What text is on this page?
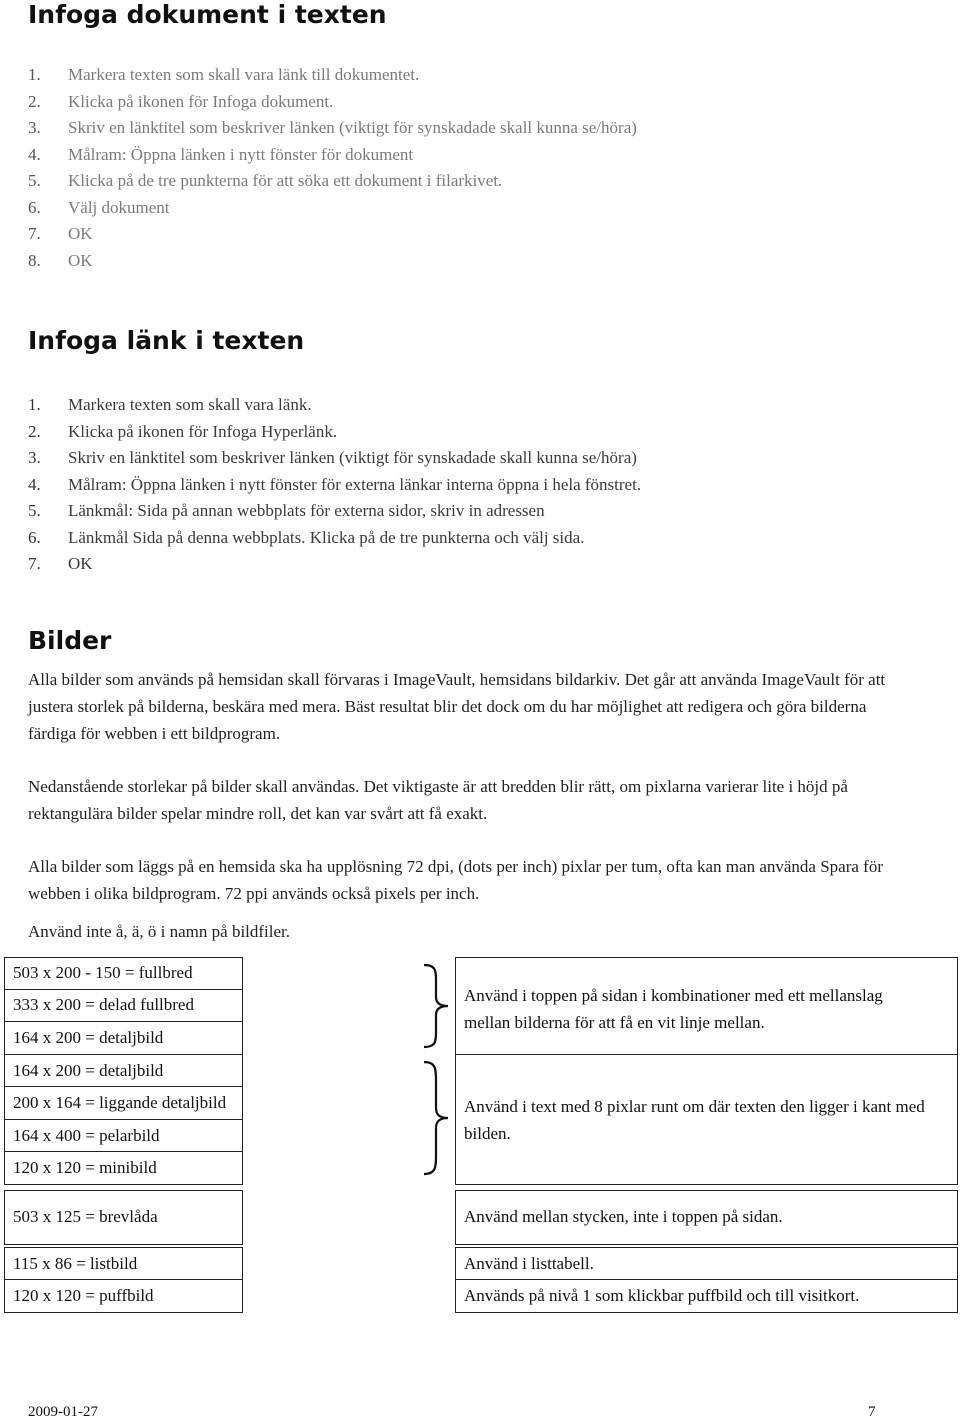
Infoga dokument i texten
1. Markera texten som skall vara länk till dokumentet.
2. Klicka på ikonen för Infoga dokument.
3. Skriv en länktitel som beskriver länken (viktigt för synskadade skall kunna se/höra)
4. Målram: Öppna länken i nytt fönster för dokument
5. Klicka på de tre punkterna för att söka ett dokument i filarkivet.
6. Välj dokument
7. OK
8. OK
Infoga länk i texten
1. Markera texten som skall vara länk.
2. Klicka på ikonen för Infoga Hyperlänk.
3. Skriv en länktitel som beskriver länken (viktigt för synskadade skall kunna se/höra)
4. Målram: Öppna länken i nytt fönster för externa länkar interna öppna i hela fönstret.
5. Länkmål: Sida på annan webbplats för externa sidor, skriv in adressen
6. Länkmål Sida på denna webbplats. Klicka på de tre punkterna och välj sida.
7. OK
Bilder

Alla bilder som används på hemsidan skall förvaras i ImageVault, hemsidans bildarkiv. Det går att använda ImageVault för att justera storlek på bilderna, beskära med mera. Bäst resultat blir det dock om du har möjlighet att redigera och göra bilderna färdiga för webben i ett bildprogram.

Nedanstående storlekar på bilder skall användas. Det viktigaste är att bredden blir rätt, om pixlarna varierar lite i höjd på rektangulära bilder spelar mindre roll, det kan var svårt att få exakt.

Alla bilder som läggs på en hemsida ska ha upplösning 72 dpi, (dots per inch) pixlar per tum, ofta kan man använda Spara för webben i olika bildprogram. 72 ppi används också pixels per inch.

Använd inte å, ä, ö i namn på bildfiler.

503 x 200 - 150 = fullbred
333 x 200 = delad fullbred
164 x 200 = detaljbild
164 x 200 = detaljbild
200 x 164 = liggande detaljbild
164 x 400 = pelarbild
120 x 120 = minibild
503 x 125 = brevlåda
115 x 86 = listbild
120 x 120 = puffbild
Använd i toppen på sidan i kombinationer med ett mellanslag mellan bilderna för att få en vit linje mellan.
Använd i text med 8 pixlar runt om där texten den ligger i kant med bilden.
Använd mellan stycken, inte i toppen på sidan.
Använd i listtabell.
Används på nivå 1 som klickbar puffbild och till visitkort.
2009-01-27	7
